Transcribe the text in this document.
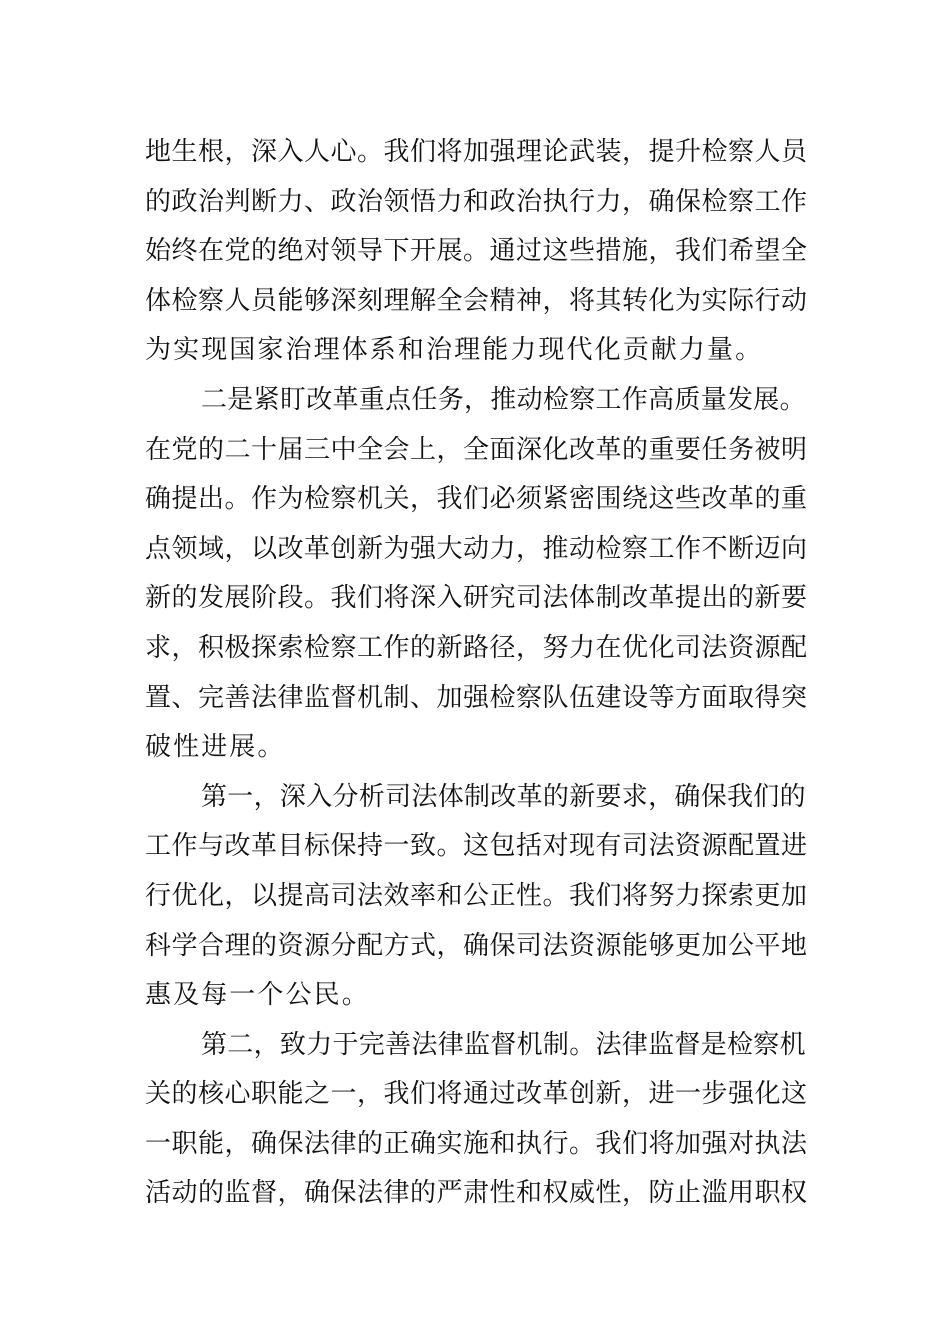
地生根，深入人心。我们将加强理论武装，提升检察人员
的政治判断力、政治领悟力和政治执行力，确保检察工作
始终在党的绝对领导下开展。通过这些措施，我们希望全
体检察人员能够深刻理解全会精神，将其转化为实际行动
为实现国家治理体系和治理能力现代化贡献力量。
二是紧盯改革重点任务，推动检察工作高质量发展。
在党的二十届三中全会上，全面深化改革的重要任务被明
确提出。作为检察机关，我们必须紧密围绕这些改革的重
点领域，以改革创新为强大动力，推动检察工作不断迈向
新的发展阶段。我们将深入研究司法体制改革提出的新要
求，积极探索检察工作的新路径，努力在优化司法资源配
置、完善法律监督机制、加强检察队伍建设等方面取得突
破性进展。
第一，深入分析司法体制改革的新要求，确保我们的
工作与改革目标保持一致。这包括对现有司法资源配置进
行优化，以提高司法效率和公正性。我们将努力探索更加
科学合理的资源分配方式，确保司法资源能够更加公平地
惠及每一个公民。
第二，致力于完善法律监督机制。法律监督是检察机
关的核心职能之一，我们将通过改革创新，进一步强化这
一职能，确保法律的正确实施和执行。我们将加强对执法
活动的监督，确保法律的严肃性和权威性，防止滥用职权
